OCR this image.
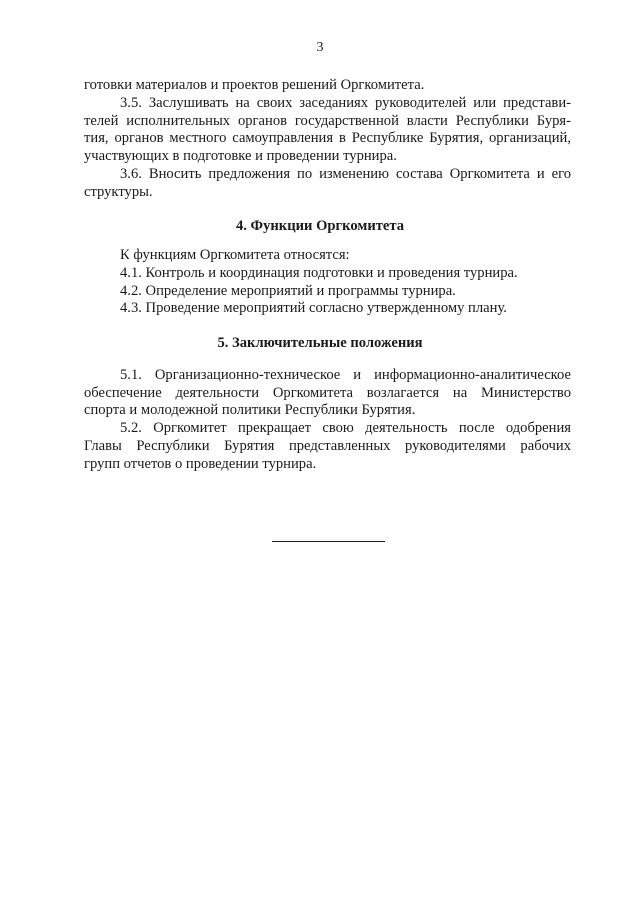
3
готовки материалов и проектов решений Оргкомитета.
3.5. Заслушивать на своих заседаниях руководителей или представи-
телей исполнительных органов государственной власти Республики Буря-
тия, органов местного самоуправления в Республике Бурятия, организаций,
участвующих в подготовке и проведении турнира.
3.6. Вносить предложения по изменению состава Оргкомитета и его
структуры.
4. Функции Оргкомитета
К функциям Оргкомитета относятся:
4.1. Контроль и координация подготовки и проведения турнира.
4.2. Определение мероприятий и программы турнира.
4.3. Проведение мероприятий согласно утвержденному плану.
5. Заключительные положения
5.1. Организационно-техническое и информационно-аналитическое
обеспечение деятельности Оргкомитета возлагается на Министерство
спорта и молодежной политики Республики Бурятия.
5.2. Оргкомитет прекращает свою деятельность после одобрения
Главы Республики Бурятия представленных руководителями рабочих
групп отчетов о проведении турнира.
